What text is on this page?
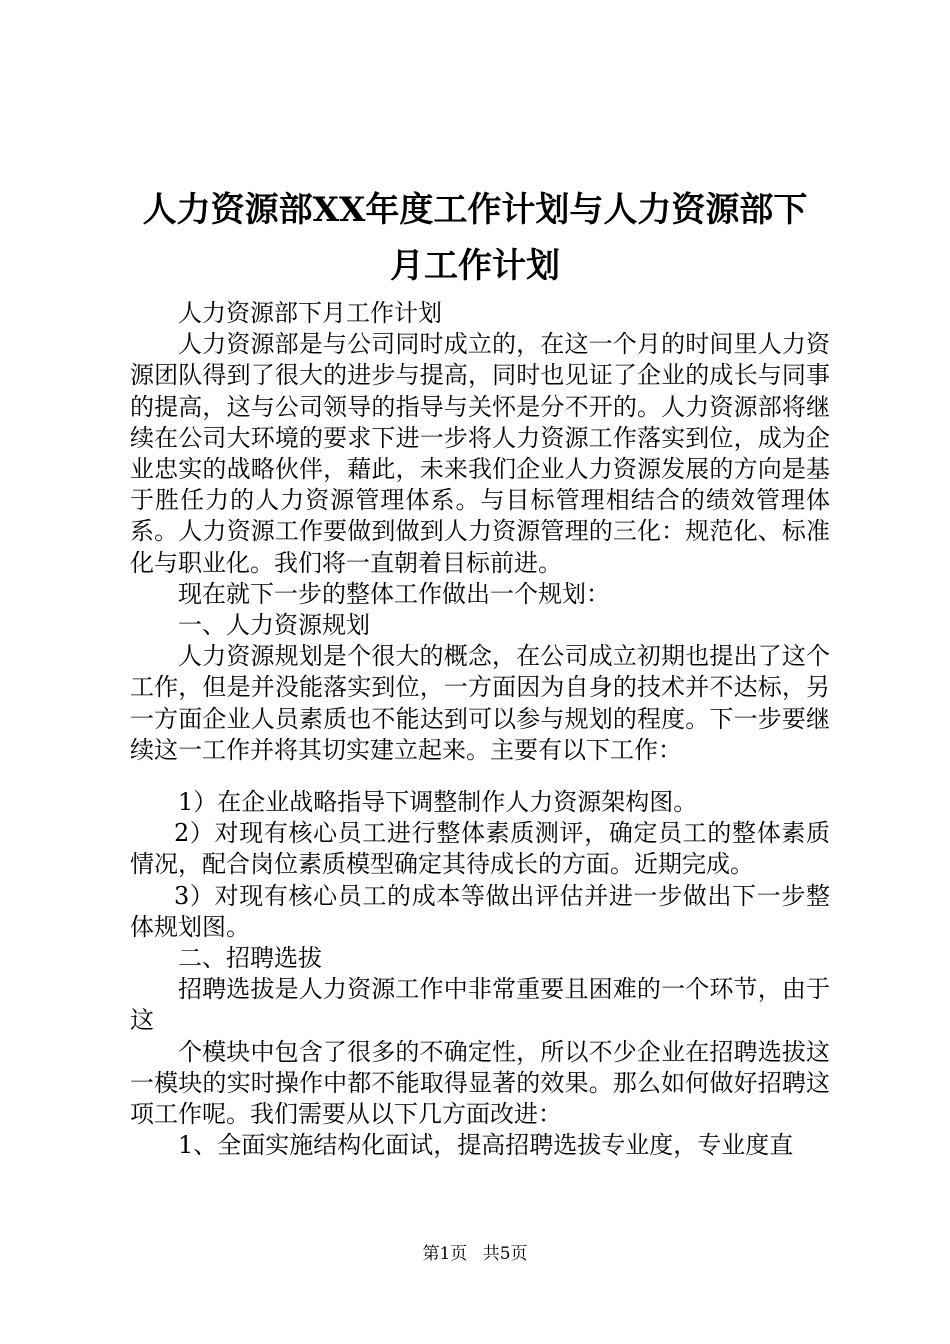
人力资源部XX年度工作计划与人力资源部下
月工作计划

人力资源部下月工作计划

人力资源部是与公司同时成立的，在这一个月的时间里人力资源团队得到了很大的进步与提高，同时也见证了企业的成长与同事的提高，这与公司领导的指导与关怀是分不开的。人力资源部将继续在公司大环境的要求下进一步将人力资源工作落实到位，成为企业忠实的战略伙伴，藉此，未来我们企业人力资源发展的方向是基于胜任力的人力资源管理体系。与目标管理相结合的绩效管理体系。人力资源工作要做到做到人力资源管理的三化：规范化、标准化与职业化。我们将一直朝着目标前进。

现在就下一步的整体工作做出一个规划：

一、人力资源规划

人力资源规划是个很大的概念，在公司成立初期也提出了这个工作，但是并没能落实到位，一方面因为自身的技术并不达标，另一方面企业人员素质也不能达到可以参与规划的程度。下一步要继续这一工作并将其切实建立起来。主要有以下工作：

1）在企业战略指导下调整制作人力资源架构图。

2）对现有核心员工进行整体素质测评，确定员工的整体素质情况，配合岗位素质模型确定其待成长的方面。近期完成。

3）对现有核心员工的成本等做出评估并进一步做出下一步整体规划图。

二、招聘选拔

招聘选拔是人力资源工作中非常重要且困难的一个环节，由于这

个模块中包含了很多的不确定性，所以不少企业在招聘选拔这一模块的实时操作中都不能取得显著的效果。那么如何做好招聘这项工作呢。我们需要从以下几方面改进：

1、全面实施结构化面试，提高招聘选拔专业度，专业度直

第1页 共5页
